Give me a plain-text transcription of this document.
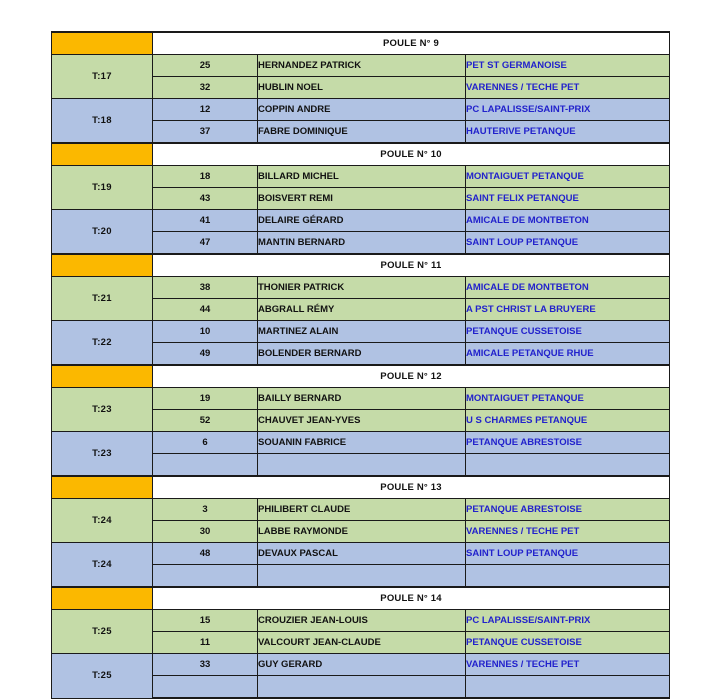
	POULE N° 9		
T:17	25	HERNANDEZ PATRICK	PET ST GERMANOISE
	32	HUBLIN NOEL	VARENNES / TECHE PET
T:18	12	COPPIN ANDRE	PC LAPALISSE/SAINT-PRIX
	37	FABRE DOMINIQUE	HAUTERIVE PETANQUE
	POULE N° 10		
T:19	18	BILLARD MICHEL	MONTAIGUET PETANQUE
	43	BOISVERT REMI	SAINT FELIX PETANQUE
T:20	41	DELAIRE GÉRARD	AMICALE DE MONTBETON
	47	MANTIN BERNARD	SAINT LOUP PETANQUE
	POULE N° 11		
T:21	38	THONIER PATRICK	AMICALE DE MONTBETON
	44	ABGRALL RÉMY	A PST CHRIST LA BRUYERE
T:22	10	MARTINEZ ALAIN	PETANQUE CUSSETOISE
	49	BOLENDER BERNARD	AMICALE PETANQUE RHUE
	POULE N° 12		
T:23	19	BAILLY BERNARD	MONTAIGUET PETANQUE
	52	CHAUVET JEAN-YVES	U S CHARMES PETANQUE
T:23	6	SOUANIN FABRICE	PETANQUE ABRESTOISE

	POULE N° 13		
T:24	3	PHILIBERT CLAUDE	PETANQUE ABRESTOISE
	30	LABBE RAYMONDE	VARENNES / TECHE PET
T:24	48	DEVAUX PASCAL	SAINT LOUP PETANQUE

	POULE N° 14		
T:25	15	CROUZIER JEAN-LOUIS	PC LAPALISSE/SAINT-PRIX
	11	VALCOURT JEAN-CLAUDE	PETANQUE CUSSETOISE
T:25	33	GUY GERARD	VARENNES / TECHE PET
